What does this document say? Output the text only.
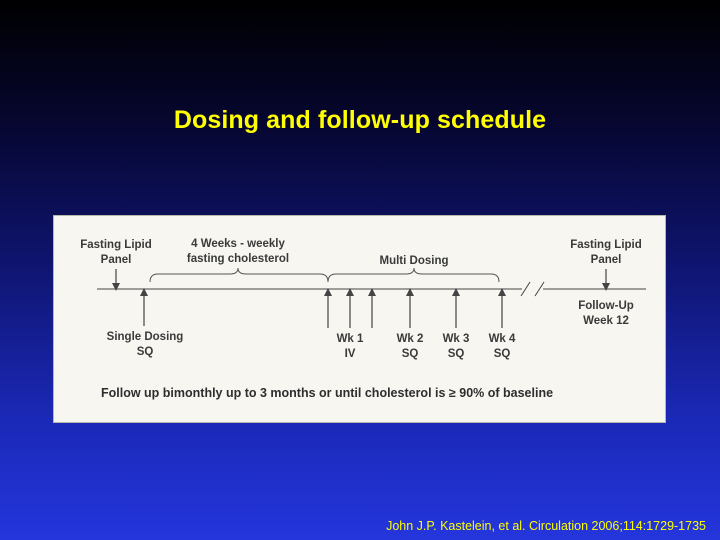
Dosing and follow-up schedule
Fasting Lipid
Panel
4 Weeks - weekly
fasting cholesterol	Multi Dosing
Fasting Lipid
Panel
Single Dosing
SQ
Wk 1
IV
Wk 2
SQ
Wk 3
SQ
Wk 4
SQ
Follow-Up
Week 12
Follow up bimonthly up to 3 months or until cholesterol is ≥ 90% of baseline
John J.P. Kastelein, et al. Circulation 2006;114:1729-1735
